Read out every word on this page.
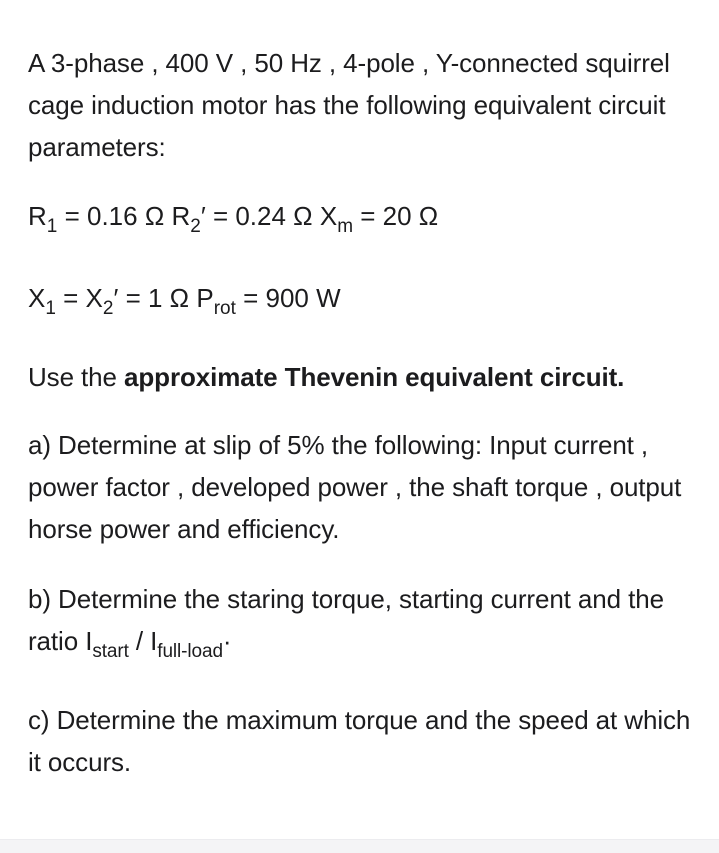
A 3-phase , 400 V , 50 Hz , 4-pole , Y-connected squirrel cage induction motor has the following equivalent circuit parameters:

$R_1 = 0.16$ Ω $R_2' = 0.24$ Ω $X_m = 20$ Ω

$X_1 = X_2' = 1$ Ω $P_{rot} = 900$ W

Use the approximate Thevenin equivalent circuit.

a) Determine at slip of 5% the following: Input current , power factor , developed power , the shaft torque , output horse power and efficiency.

b) Determine the staring torque, starting current and the ratio $I_{start} / I_{full-load}\cdot$

c) Determine the maximum torque and the speed at which it occurs.
